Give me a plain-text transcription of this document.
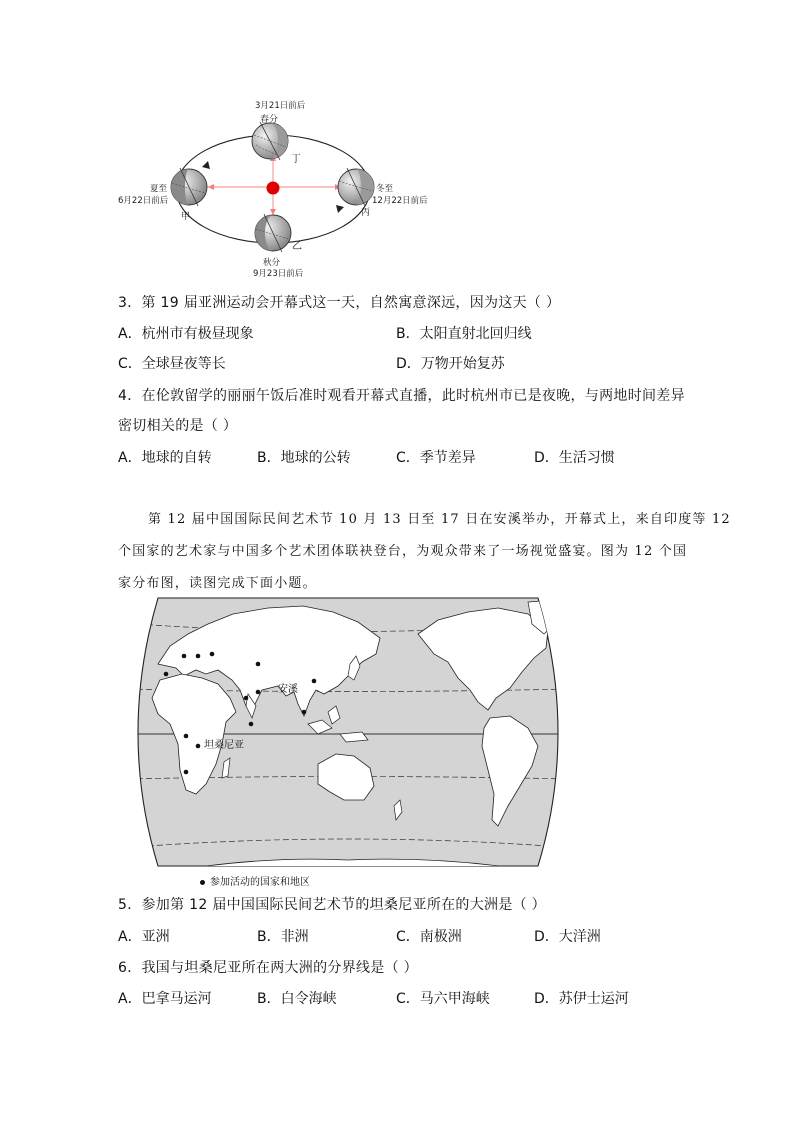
3月21日前后
春分
丁
夏至
6月22日前后
甲
冬至
12月22日前后
丙
乙
秋分
9月23日前后
3．第 19 届亚洲运动会开幕式这一天，自然寓意深远，因为这天（ ）
A．杭州市有极昼现象	B．太阳直射北回归线
C．全球昼夜等长	D．万物开始复苏
4．在伦敦留学的丽丽午饭后准时观看开幕式直播，此时杭州市已是夜晚，与两地时间差异
密切相关的是（ ）
A．地球的自转	B．地球的公转	C．季节差异	D．生活习惯
第 12 届中国国际民间艺术节 10 月 13 日至 17 日在安溪举办，开幕式上，来自印度等 12
个国家的艺术家与中国多个艺术团体联袂登台，为观众带来了一场视觉盛宴。图为 12 个国
家分布图，读图完成下面小题。
安溪
坦桑尼亚
参加活动的国家和地区
5．参加第 12 届中国国际民间艺术节的坦桑尼亚所在的大洲是（ ）
A．亚洲	B．非洲	C．南极洲	D．大洋洲
6．我国与坦桑尼亚所在两大洲的分界线是（ ）
A．巴拿马运河	B．白令海峡	C．马六甲海峡	D．苏伊士运河
